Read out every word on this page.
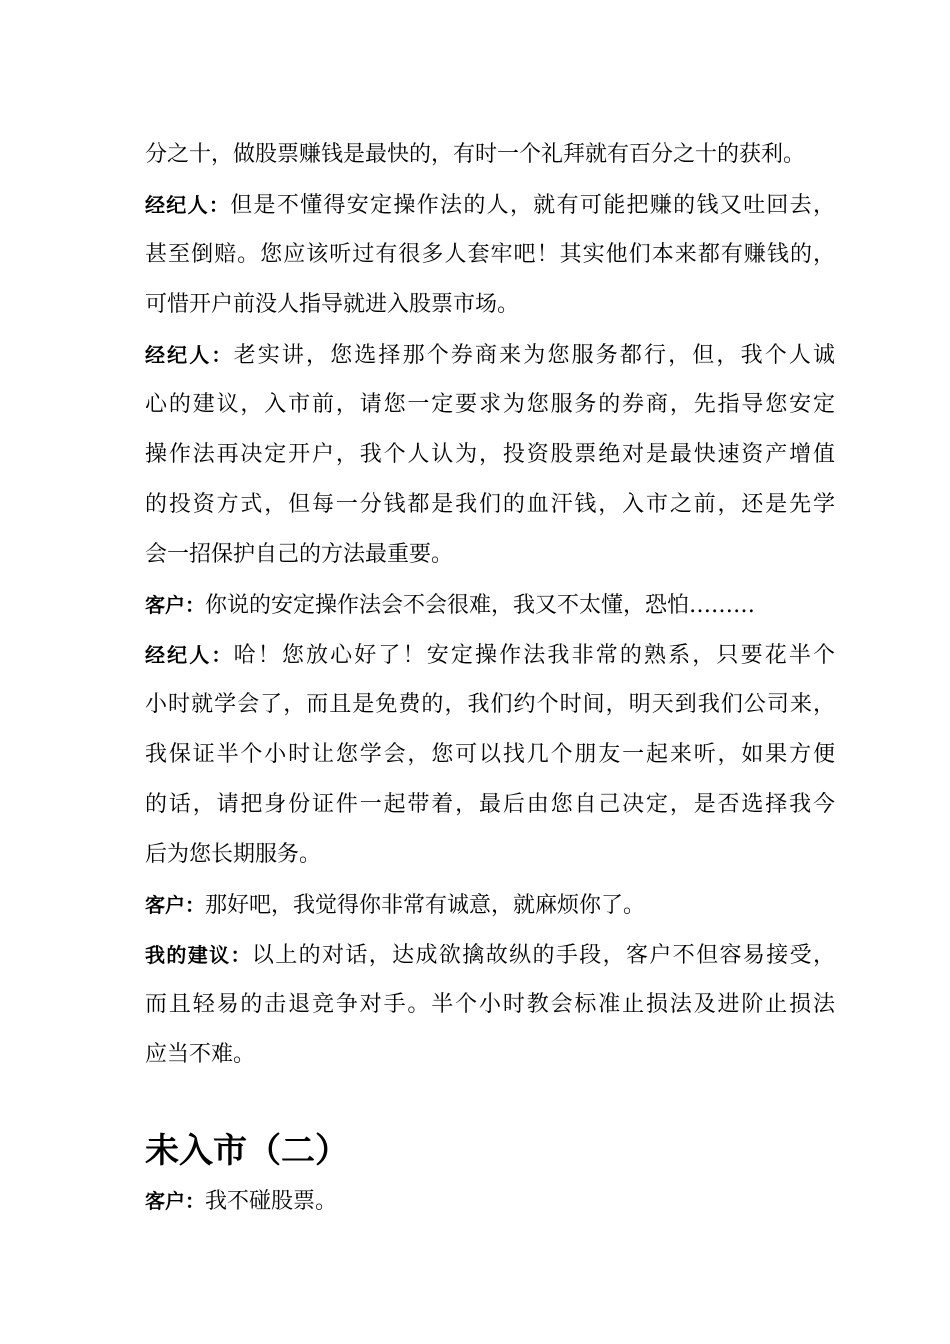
分之十，做股票赚钱是最快的，有时一个礼拜就有百分之十的获利。
经纪人：但是不懂得安定操作法的人，就有可能把赚的钱又吐回去，
甚至倒赔。您应该听过有很多人套牢吧！其实他们本来都有赚钱的，
可惜开户前没人指导就进入股票市场。
经纪人：老实讲，您选择那个券商来为您服务都行，但，我个人诚
心的建议，入市前，请您一定要求为您服务的券商，先指导您安定
操作法再决定开户，我个人认为，投资股票绝对是最快速资产增值
的投资方式，但每一分钱都是我们的血汗钱，入市之前，还是先学
会一招保护自己的方法最重要。
客户：你说的安定操作法会不会很难，我又不太懂，恐怕………
经纪人：哈！您放心好了！安定操作法我非常的熟系，只要花半个
小时就学会了，而且是免费的，我们约个时间，明天到我们公司来，
我保证半个小时让您学会，您可以找几个朋友一起来听，如果方便
的话，请把身份证件一起带着，最后由您自己决定，是否选择我今
后为您长期服务。
客户：那好吧，我觉得你非常有诚意，就麻烦你了。
我的建议：以上的对话，达成欲擒故纵的手段，客户不但容易接受，
而且轻易的击退竞争对手。半个小时教会标准止损法及进阶止损法
应当不难。
未入市（二）
客户：我不碰股票。
